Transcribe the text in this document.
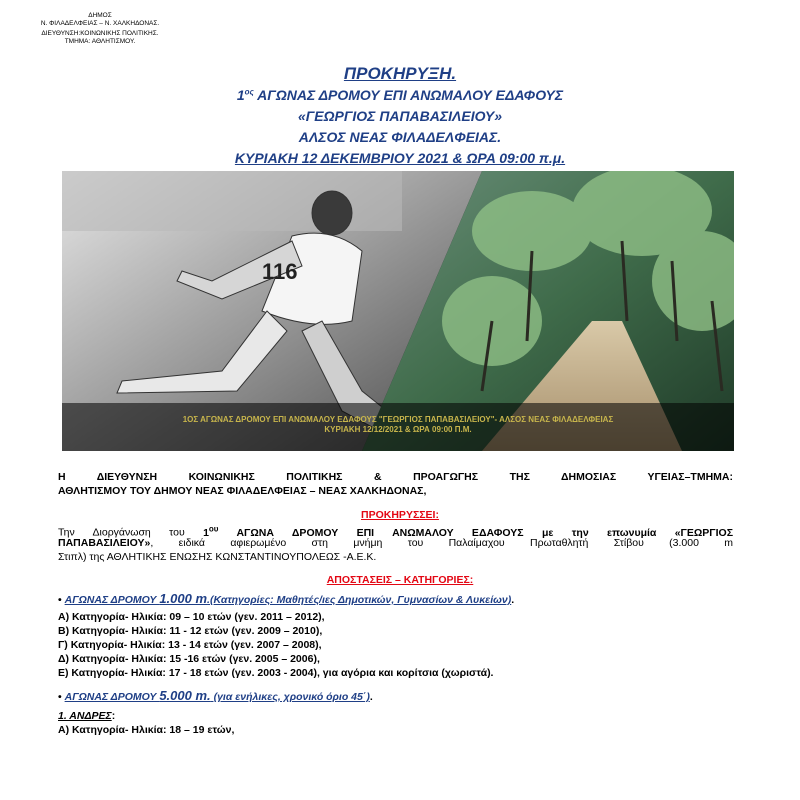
ΔΗΜΟΣ
Ν. ΦΙΛΑΔΕΛΦΕΙΑΣ – Ν. ΧΑΛΚΗΔΟΝΑΣ.
ΔΙΕΥΘΥΝΣΗ:ΚΟΙΝΩΝΙΚΗΣ ΠΟΛΙΤΙΚΗΣ.
ΤΜΗΜΑ: ΑΘΛΗΤΙΣΜΟΥ.
ΠΡΟΚΗΡΥΞΗ.
$1^{o\varsigma}$ ΑΓΩΝΑΣ ΔΡΟΜΟΥ ΕΠΙ ΑΝΩΜΑΛΟΥ ΕΔΑΦΟΥΣ
«ΓΕΩΡΓΙΟΣ ΠΑΠΑΒΑΣΙΛΕΙΟΥ»
ΑΛΣΟΣ ΝΕΑΣ ΦΙΛΑΔΕΛΦΕΙΑΣ.
ΚΥΡΙΑΚΗ 12 ΔΕΚΕΜΒΡΙΟΥ 2021 & ΩΡΑ 09:00 π.μ.
116
1ΟΣ ΑΓΩΝΑΣ ΔΡΟΜΟΥ ΕΠΙ ΑΝΩΜΑΛΟΥ ΕΔΑΦΟΥΣ "ΓΕΩΡΓΙΟΣ ΠΑΠΑΒΑΣΙΛΕΙΟΥ"- ΑΛΣΟΣ ΝΕΑΣ ΦΙΛΑΔΕΛΦΕΙΑΣ
ΚΥΡΙΑΚΗ 12/12/2021 & ΩΡΑ 09:00 Π.Μ.
Η ΔΙΕΥΘΥΝΣΗ ΚΟΙΝΩΝΙΚΗΣ ΠΟΛΙΤΙΚΗΣ & ΠΡΟΑΓΩΓΗΣ ΤΗΣ ΔΗΜΟΣΙΑΣ ΥΓΕΙΑΣ–ΤΜΗΜΑ:
ΑΘΛΗΤΙΣΜΟΥ ΤΟΥ ΔΗΜΟΥ ΝΕΑΣ ΦΙΛΑΔΕΛΦΕΙΑΣ – ΝΕΑΣ ΧΑΛΚΗΔΟΝΑΣ,
ΠΡΟΚΗΡΥΣΣΕΙ:
Την Διοργάνωση του $1^{o\upsilon}$ ΑΓΩΝΑ ΔΡΟΜΟΥ ΕΠΙ ΑΝΩΜΑΛΟΥ ΕΔΑΦΟΥΣ με την επωνυμία «ΓΕΩΡΓΙΟΣ
ΠΑΠΑΒΑΣΙΛΕΙΟΥ», ειδικά αφιερωμένο στη μνήμη του Παλαίμαχου Πρωταθλητή Στίβου (3.000 m
Στιπλ) της ΑΘΛΗΤΙΚΗΣ ΕΝΩΣΗΣ ΚΩΝΣΤΑΝΤΙΝΟΥΠΟΛΕΩΣ -Α.Ε.Κ.
ΑΠΟΣΤΑΣΕΙΣ – ΚΑΤΗΓΟΡΙΕΣ:
• ΑΓΩΝΑΣ ΔΡΟΜΟΥ 1.000 m.(Κατηγορίες: Μαθητές/ιες Δημοτικών, Γυμνασίων & Λυκείων).
Α) Κατηγορία- Ηλικία: 09 – 10 ετών (γεν. 2011 – 2012),
Β) Κατηγορία- Ηλικία: 11 - 12 ετών (γεν. 2009 – 2010),
Γ) Κατηγορία- Ηλικία: 13 - 14 ετών (γεν. 2007 – 2008),
Δ) Κατηγορία- Ηλικία: 15 -16 ετών (γεν. 2005 – 2006),
Ε) Κατηγορία- Ηλικία: 17 - 18 ετών (γεν. 2003 - 2004), για αγόρια και κορίτσια (χωριστά).
• ΑΓΩΝΑΣ ΔΡΟΜΟΥ 5.000 m. (για ενήλικες, χρονικό όριο 45΄).
1. ΑΝΔΡΕΣ:
Α) Κατηγορία- Ηλικία: 18 – 19 ετών,
